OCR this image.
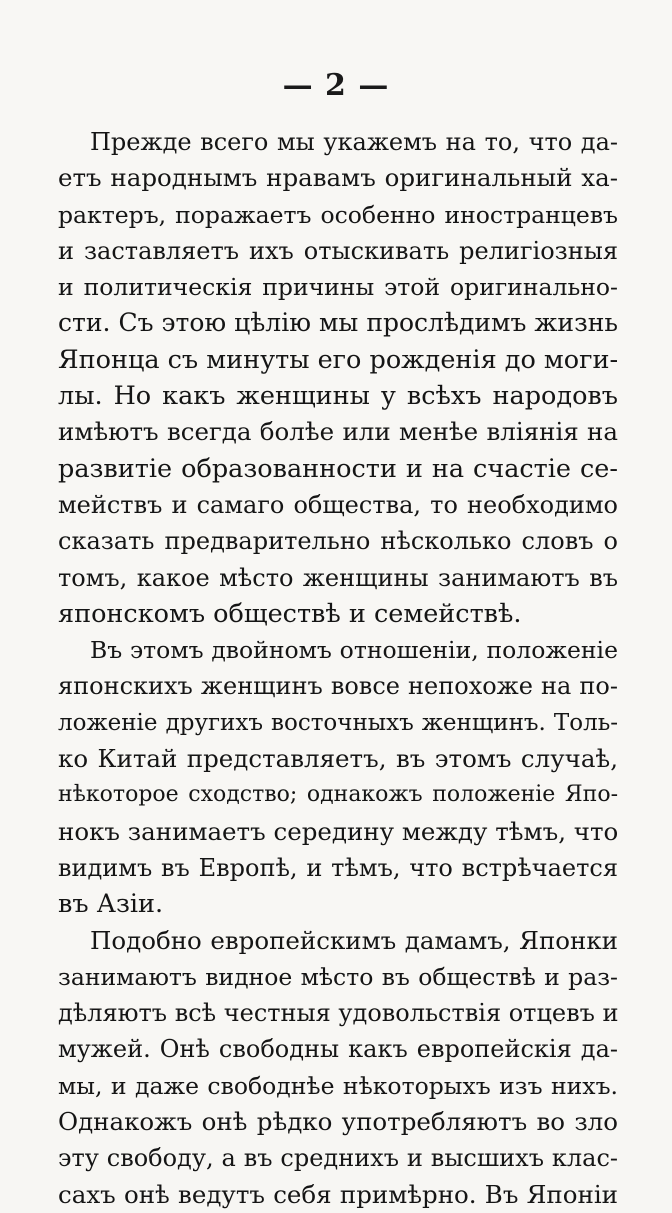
— 2 —
Прежде всего мы укажемъ на то, что да-
етъ народнымъ нравамъ оригинальный ха-
рактеръ, поражаетъ особенно иностранцевъ
и заставляетъ ихъ отыскивать религiозныя
и политическiя причины этой оригинально-
сти. Съ этою цѣлiю мы прослѣдимъ жизнь
Японца съ минуты его рожденiя до моги-
лы. Но какъ женщины у всѣхъ народовъ
имѣютъ всегда болѣе или менѣе влiянiя на
развитiе образованности и на счастiе се-
мействъ и самаго общества, то необходимо
сказать предварительно нѣсколько словъ о
томъ, какое мѣсто женщины занимаютъ въ
японскомъ обществѣ и семействѣ.
Въ этомъ двойномъ отношенiи, положенiе
японскихъ женщинъ вовсе непохоже на по-
ложенiе другихъ восточныхъ женщинъ. Толь-
ко Китай представляетъ, въ этомъ случаѣ,
нѣкоторое сходство; однакожъ положенiе Япо-
нокъ занимаетъ середину между тѣмъ, что
видимъ въ Европѣ, и тѣмъ, что встрѣчается
въ Азiи.
Подобно европейскимъ дамамъ, Японки
занимаютъ видное мѣсто въ обществѣ и раз-
дѣляютъ всѣ честныя удовольствiя отцевъ и
мужей. Онѣ свободны какъ европейскiя да-
мы, и даже свободнѣе нѣкоторыхъ изъ нихъ.
Однакожъ онѣ рѣдко употребляютъ во зло
эту свободу, а въ среднихъ и высшихъ клас-
сахъ онѣ ведутъ себя примѣрно. Въ Японiи
